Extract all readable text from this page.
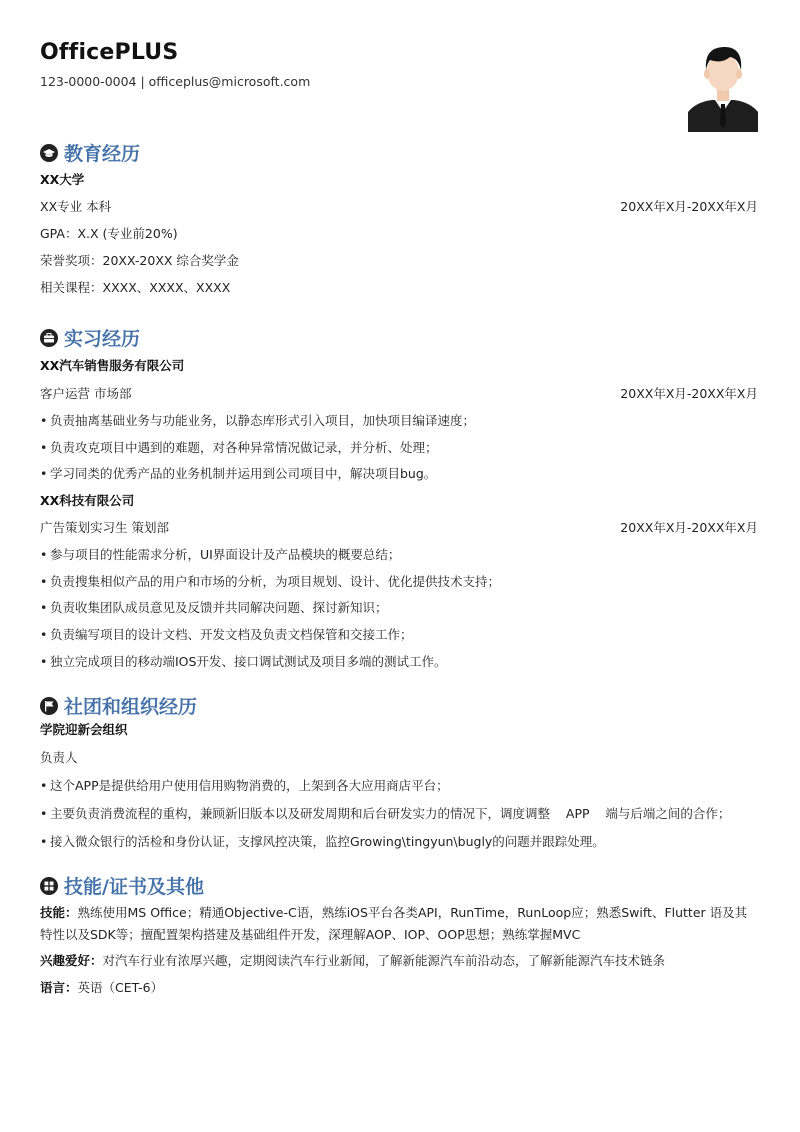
OfficePLUS
123-0000-0004 | officeplus@microsoft.com
教育经历
XX大学
XX专业 本科	20XX年X月-20XX年X月
GPA：X.X (专业前20%)
荣誉奖项：20XX-20XX 综合奖学金
相关课程：XXXX、XXXX、XXXX
实习经历
XX汽车销售服务有限公司
客户运营 市场部	20XX年X月-20XX年X月
• 负责抽离基础业务与功能业务，以静态库形式引入项目，加快项目编译速度；
• 负责攻克项目中遇到的难题，对各种异常情况做记录，并分析、处理；
• 学习同类的优秀产品的业务机制并运用到公司项目中，解决项目bug。
XX科技有限公司
广告策划实习生 策划部	20XX年X月-20XX年X月
• 参与项目的性能需求分析，UI界面设计及产品模块的概要总结；
• 负责搜集相似产品的用户和市场的分析，为项目规划、设计、优化提供技术支持；
• 负责收集团队成员意见及反馈并共同解决问题、探讨新知识；
• 负责编写项目的设计文档、开发文档及负责文档保管和交接工作；
• 独立完成项目的移动端IOS开发、接口调试测试及项目多端的测试工作。
社团和组织经历
学院迎新会组织
负责人
• 这个APP是提供给用户使用信用购物消费的，上架到各大应用商店平台；
• 主要负责消费流程的重构，兼顾新旧版本以及研发周期和后台研发实力的情况下，调度调整    APP    端与后端之间的合作；
• 接入微众银行的活检和身份认证，支撑风控决策，监控Growing\tingyun\bugly的问题并跟踪处理。
技能/证书及其他
技能：熟练使用MS Office；精通Objective-C语，熟练iOS平台各类API，RunTime，RunLoop应；熟悉Swift、Flutter 语及其特性以及SDK等；擅配置架构搭建及基础组件开发，深理解AOP、IOP、OOP思想；熟练掌握MVC
兴趣爱好：对汽车行业有浓厚兴趣，定期阅读汽车行业新闻，了解新能源汽车前沿动态，了解新能源汽车技术链条
语言：英语（CET-6）
